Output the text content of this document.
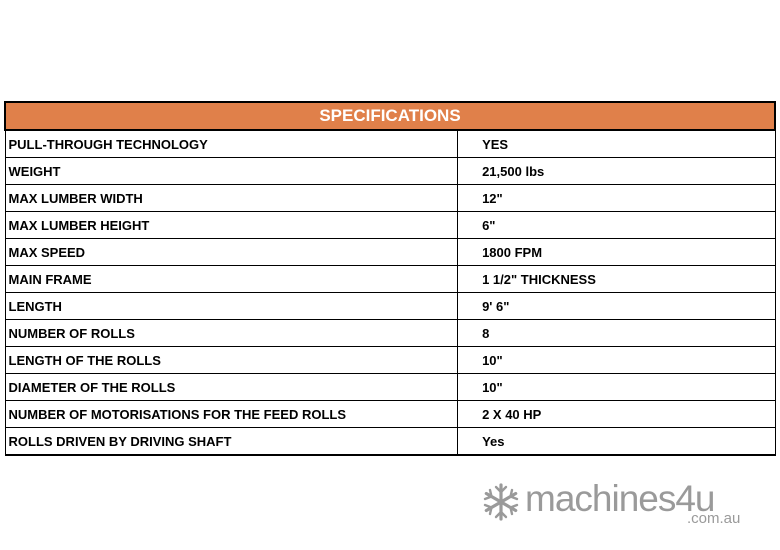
SPECIFICATIONS	
PULL-THROUGH TECHNOLOGY	YES
WEIGHT	21,500 lbs
MAX LUMBER WIDTH	12"
MAX LUMBER HEIGHT	6"
MAX SPEED	1800 FPM
MAIN FRAME	1 1/2" THICKNESS
LENGTH	9' 6"
NUMBER OF ROLLS	8
LENGTH OF THE ROLLS	10"
DIAMETER OF THE ROLLS	10"
NUMBER OF MOTORISATIONS FOR THE FEED ROLLS	2 X 40 HP
ROLLS DRIVEN BY DRIVING SHAFT	Yes
machines4u
.com.au
